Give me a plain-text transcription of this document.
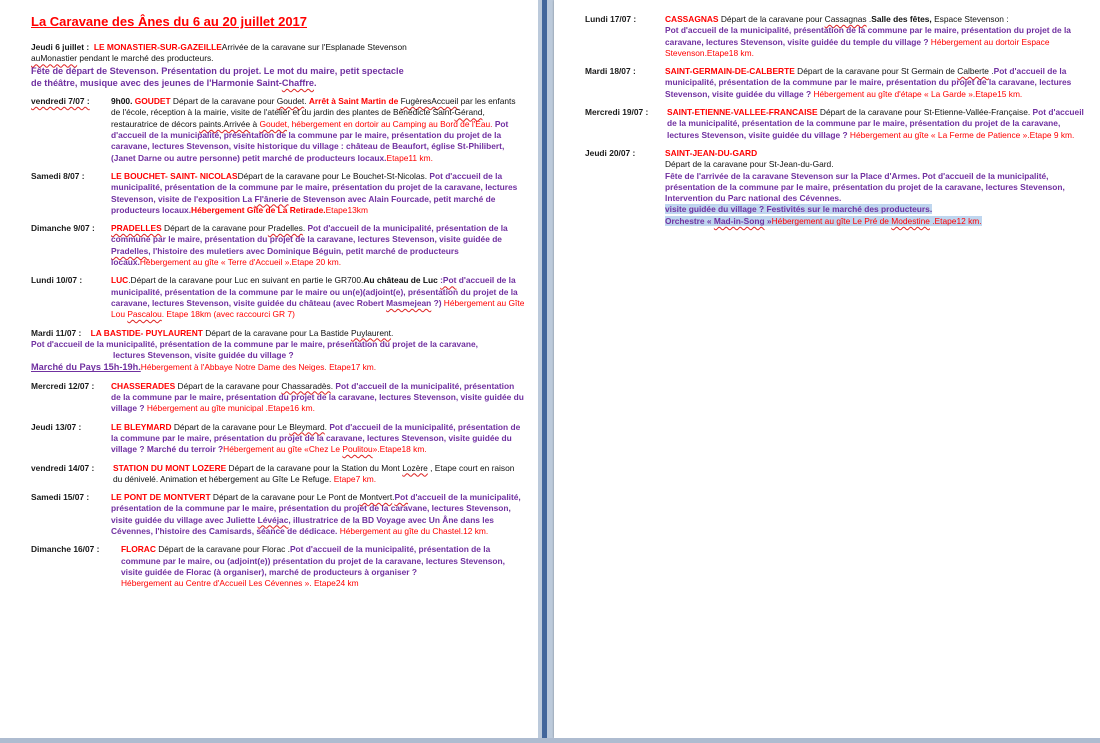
La Caravane des Ânes du 6 au 20 juillet 2017
Jeudi 6 juillet : LE MONASTIER-SUR-GAZEILLEArrivée de la caravane sur l'Esplanade Stevenson
auMonastier pendant le marché des producteurs.
Fête de départ de Stevenson. Présentation du projet. Le mot du maire, petit spectacle
de théâtre, musique avec des jeunes de l'Harmonie Saint-Chaffre.
vendredi 7/07 :	9h00. GOUDET Départ de la caravane pour Goudet. Arrêt à Saint Martin de FugèresAccueil par les enfants de l'école, réception à la mairie, visite de l'atelier et du jardin des plantes de Bénédicte Saint-Gérand, restauratrice de décors paints.Arrivée à Goudet, hébergement en dortoir au Camping au Bord de l'Eau. Pot d'accueil de la municipalité, présentation de la commune par le maire, présentation du projet de la caravane, lectures Stevenson, visite historique du village : château de Beaufort, église St-Philibert, (Janet Darne ou autre personne) petit marché de producteurs locaux.Etape11 km.
Samedi 8/07 :	LE BOUCHET- SAINT- NICOLASDépart de la caravane pour Le Bouchet-St-Nicolas. Pot d'accueil de la municipalité, présentation de la commune par le maire, présentation du projet de la caravane, lectures Stevenson, visite de l'exposition La Fl'ânerie de Stevenson avec Alain Fourcade, petit marché de producteurs locaux.Hébergement Gîte de La Retirade.Etape13km
Dimanche 9/07 :	PRADELLES Départ de la caravane pour Pradelles. Pot d'accueil de la municipalité, présentation de la commune par le maire, présentation du projet de la caravane, lectures Stevenson, visite guidée de Pradelles, l'histoire des muletiers avec Dominique Béguin, petit marché de producteurs locaux.Hébergement au gîte « Terre d'Accueil ».Etape 20 km.
Lundi 10/07 :	LUC.Départ de la caravane pour Luc en suivant en partie le GR700.Au château de Luc :Pot d'accueil de la municipalité, présentation de la commune par le maire ou un(e)(adjoint(e), présentation du projet de la caravane, lectures Stevenson, visite guidée du château (avec Robert Masmejean ?) Hébergement au Gîte Lou Pascalou. Etape 18km (avec raccourci GR 7)
Mardi 11/07 : LA BASTIDE- PUYLAURENT Départ de la caravane pour La Bastide Puylaurent.
Pot d'accueil de la municipalité, présentation de la commune par le maire, présentation du projet de la caravane,
lectures Stevenson, visite guidée du village ?
Marché du Pays 15h-19h.Hébergement à l'Abbaye Notre Dame des Neiges. Etape17 km.
Mercredi 12/07 :	CHASSERADES Départ de la caravane pour Chassaradès. Pot d'accueil de la municipalité, présentation de la commune par le maire, présentation du projet de la caravane, lectures Stevenson, visite guidée du village ? Hébergement au gîte municipal .Etape16 km.
Jeudi 13/07 :	LE BLEYMARD Départ de la caravane pour Le Bleymard. Pot d'accueil de la municipalité, présentation de la commune par le maire, présentation du projet de la caravane, lectures Stevenson, visite guidée du village ? Marché du terroir ?Hébergement au gîte «Chez Le Poulitou».Etape18 km.
vendredi 14/07 :	STATION DU MONT LOZERE Départ de la caravane pour la Station du Mont Lozère , Etape court en raison du dénivelé. Animation et hébergement au Gîte Le Refuge. Etape7 km.
Samedi 15/07 :	LE PONT DE MONTVERT Départ de la caravane pour Le Pont de Montvert.Pot d'accueil de la municipalité, présentation de la commune par le maire, présentation du projet de la caravane, lectures Stevenson, visite guidée du village avec Juliette Lévéjac, illustratrice de la BD Voyage avec Un Âne dans les Cévennes, l'histoire des Camisards, séance de dédicace. Hébergement au gîte du Chastel.12 km.
Dimanche 16/07 :	FLORAC Départ de la caravane pour Florac .Pot d'accueil de la municipalité, présentation de la commune par le maire, ou (adjoint(e)) présentation du projet de la caravane, lectures Stevenson, visite guidée de Florac (à organiser), marché de producteurs à organiser ?
Hébergement au Centre d'Accueil Les Cévennes ». Etape24 km
Lundi 17/07 :	CASSAGNAS Départ de la caravane pour Cassagnas .Salle des fêtes, Espace Stevenson :
Pot d'accueil de la municipalité, présentation de la commune par le maire, présentation du projet de la caravane, lectures Stevenson, visite guidée du temple du village ? Hébergement au dortoir Espace Stevenson.Etape18 km.
Mardi 18/07 :	SAINT-GERMAIN-DE-CALBERTE Départ de la caravane pour St Germain de Calberte .Pot d'accueil de la municipalité, présentation de la commune par le maire, présentation du projet de la caravane, lectures Stevenson, visite guidée du village ? Hébergement au gîte d'étape « La Garde ».Etape15 km.
Mercredi 19/07 :	SAINT-ETIENNE-VALLEE-FRANCAISE Départ de la caravane pour St-Etienne-Vallée-Française. Pot d'accueil de la municipalité, présentation de la commune par le maire, présentation du projet de la caravane, lectures Stevenson, visite guidée du village ? Hébergement au gîte « La Ferme de Patience ».Etape 9 km.
Jeudi 20/07 :	SAINT-JEAN-DU-GARD
Départ de la caravane pour St-Jean-du-Gard.
Fête de l'arrivée de la caravane Stevenson sur la Place d'Armes. Pot d'accueil de la municipalité, présentation de la commune par le maire, présentation du projet de la caravane, lectures Stevenson, Intervention du Parc national des Cévennes.
visite guidée du village ? Festivités sur le marché des producteurs.
Orchestre « Mad-in-Song »Hébergement au gîte Le Pré de Modestine .Etape12 km.
